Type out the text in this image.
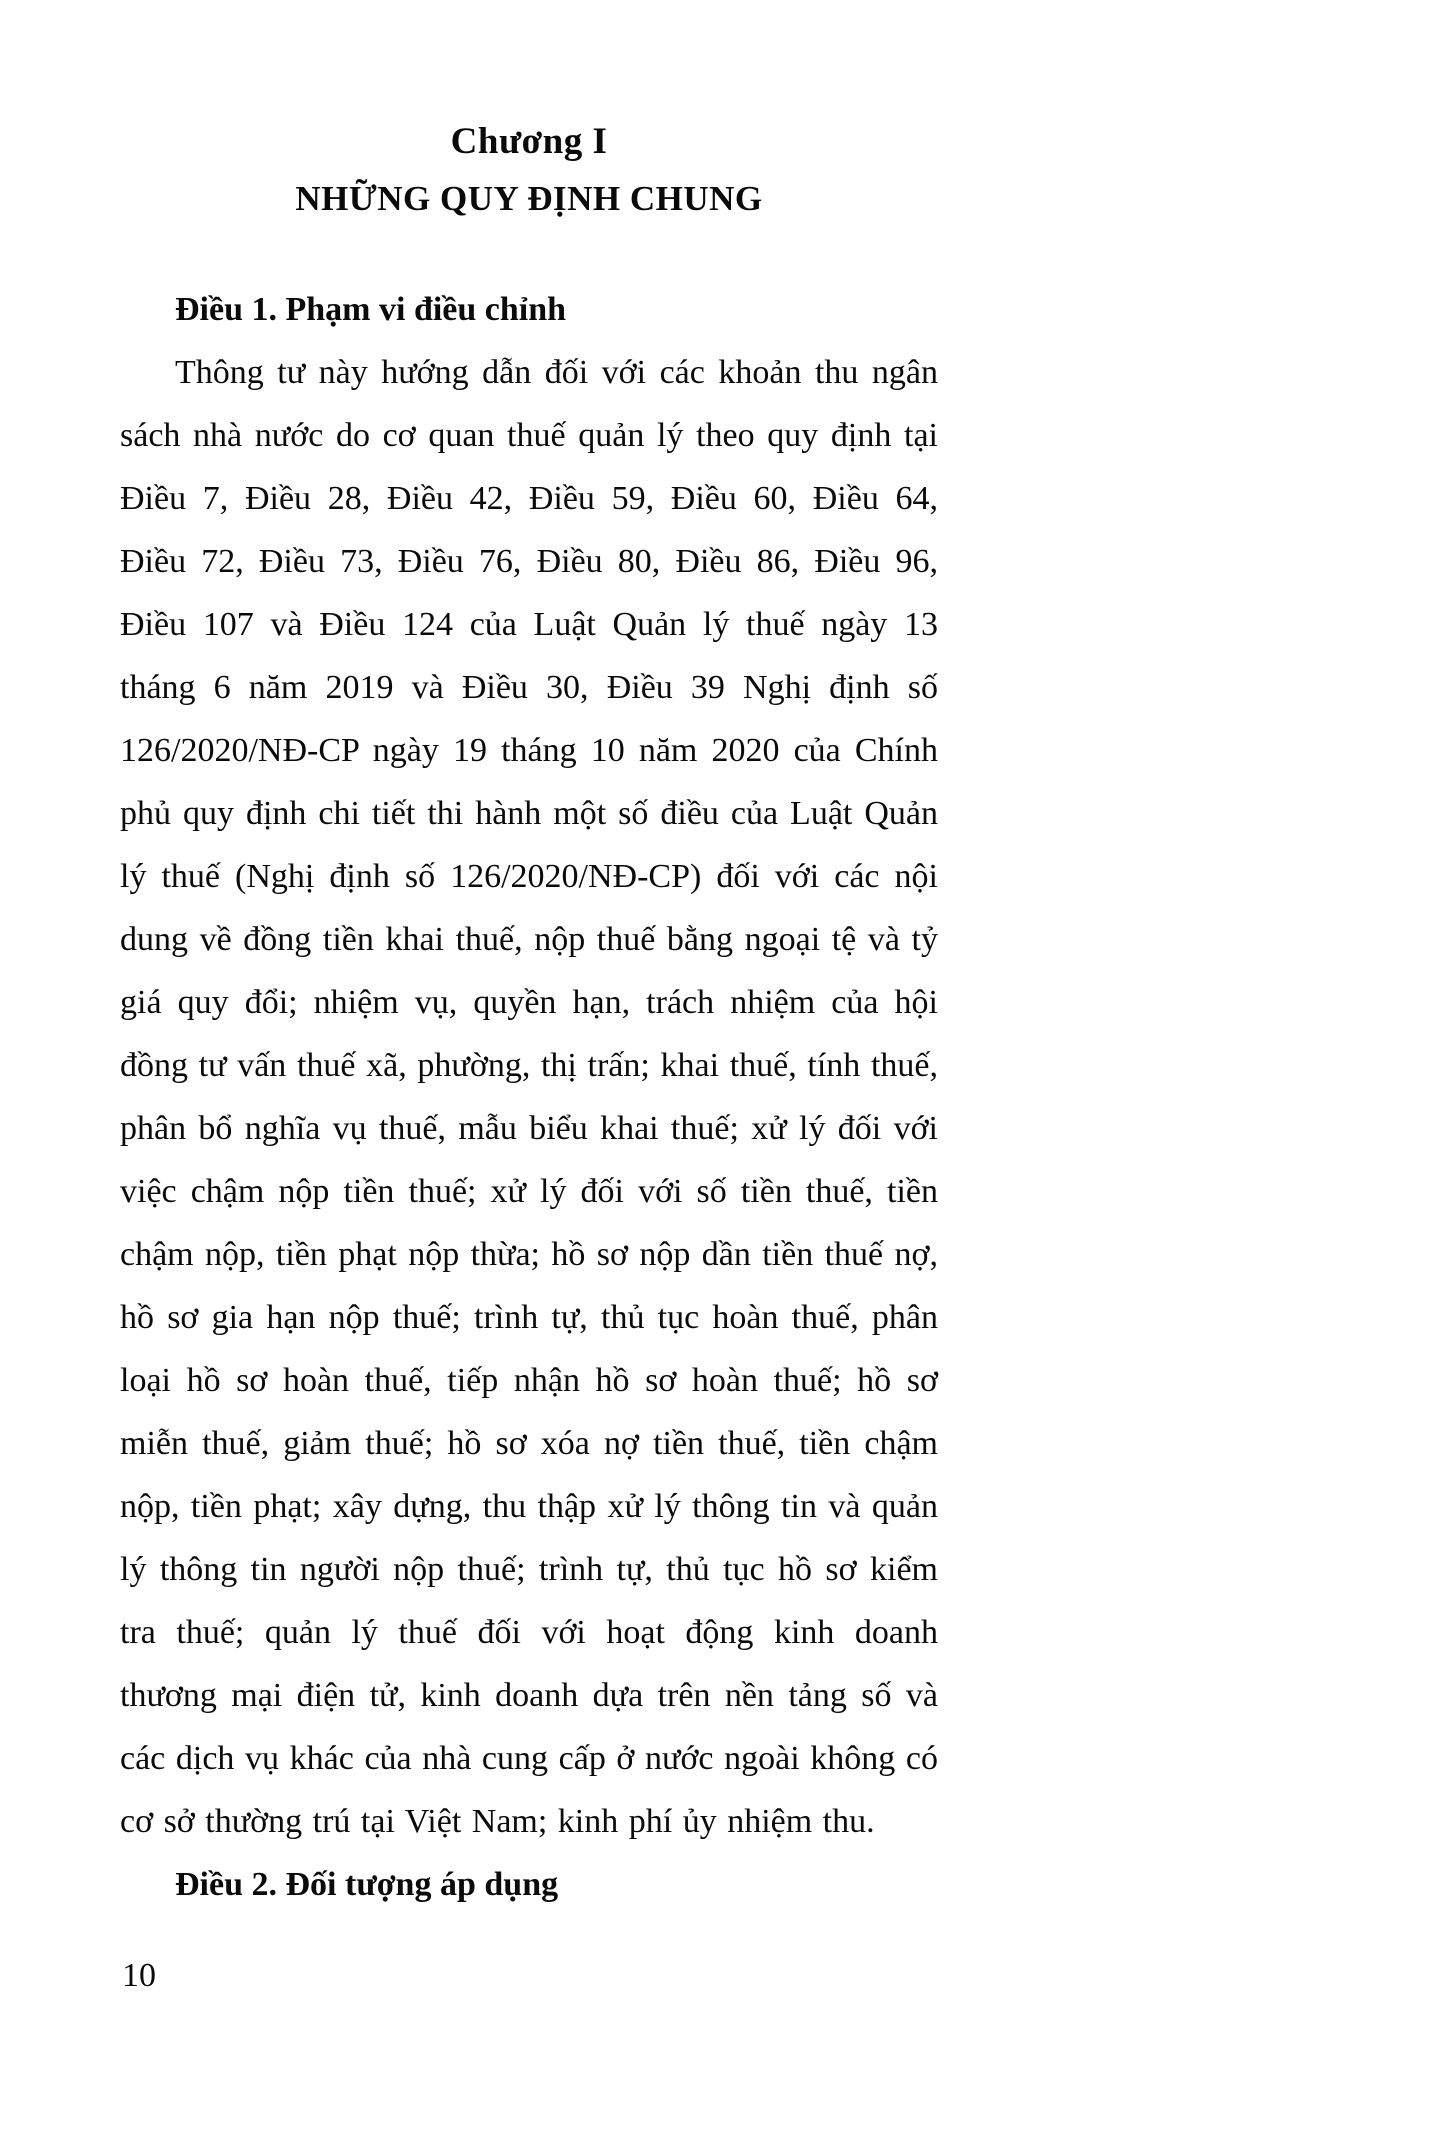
Chương I
NHỮNG QUY ĐỊNH CHUNG

Điều 1. Phạm vi điều chỉnh

Thông tư này hướng dẫn đối với các khoản thu ngân sách nhà nước do cơ quan thuế quản lý theo quy định tại Điều 7, Điều 28, Điều 42, Điều 59, Điều 60, Điều 64, Điều 72, Điều 73, Điều 76, Điều 80, Điều 86, Điều 96, Điều 107 và Điều 124 của Luật Quản lý thuế ngày 13 tháng 6 năm 2019 và Điều 30, Điều 39 Nghị định số 126/2020/NĐ-CP ngày 19 tháng 10 năm 2020 của Chính phủ quy định chi tiết thi hành một số điều của Luật Quản lý thuế (Nghị định số 126/2020/NĐ-CP) đối với các nội dung về đồng tiền khai thuế, nộp thuế bằng ngoại tệ và tỷ giá quy đổi; nhiệm vụ, quyền hạn, trách nhiệm của hội đồng tư vấn thuế xã, phường, thị trấn; khai thuế, tính thuế, phân bổ nghĩa vụ thuế, mẫu biểu khai thuế; xử lý đối với việc chậm nộp tiền thuế; xử lý đối với số tiền thuế, tiền chậm nộp, tiền phạt nộp thừa; hồ sơ nộp dần tiền thuế nợ, hồ sơ gia hạn nộp thuế; trình tự, thủ tục hoàn thuế, phân loại hồ sơ hoàn thuế, tiếp nhận hồ sơ hoàn thuế; hồ sơ miễn thuế, giảm thuế; hồ sơ xóa nợ tiền thuế, tiền chậm nộp, tiền phạt; xây dựng, thu thập xử lý thông tin và quản lý thông tin người nộp thuế; trình tự, thủ tục hồ sơ kiểm tra thuế; quản lý thuế đối với hoạt động kinh doanh thương mại điện tử, kinh doanh dựa trên nền tảng số và các dịch vụ khác của nhà cung cấp ở nước ngoài không có cơ sở thường trú tại Việt Nam; kinh phí ủy nhiệm thu.

Điều 2. Đối tượng áp dụng

10
